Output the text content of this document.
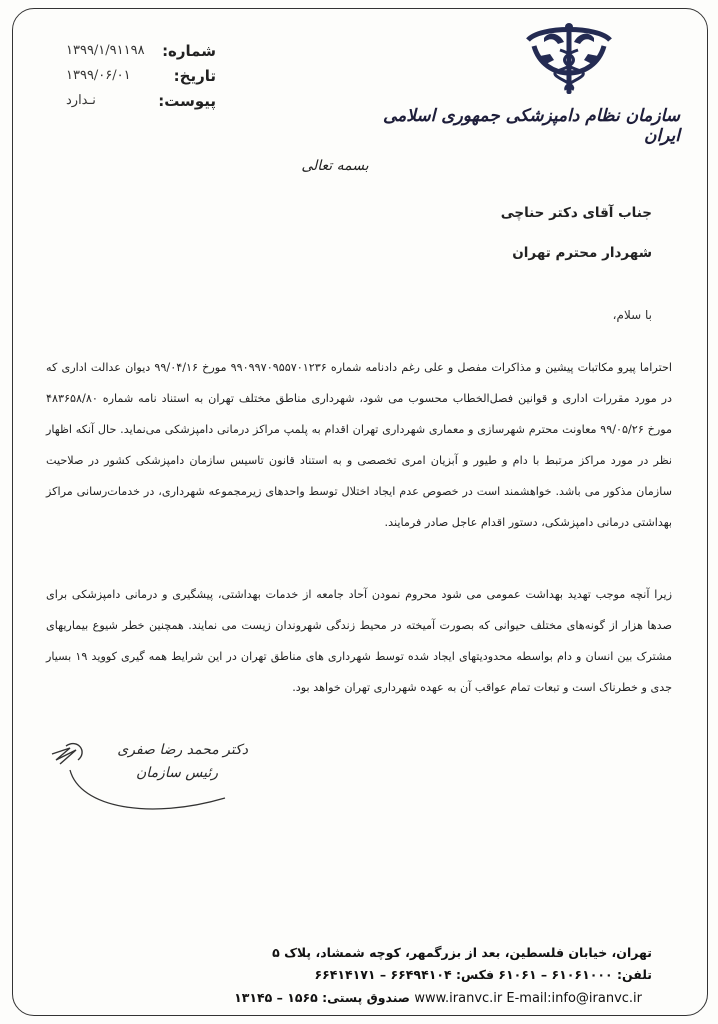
شماره:
۱۳۹۹/۱/۹۱۱۹۸
تاریخ:
۱۳۹۹/۰۶/۰۱
پیوست:
نـدارد
سازمان نظام دامپزشکی جمهوری اسلامی ایران
بسمه تعالی
جناب آقای دکتر حناچی
شهردار محترم تهران
با سلام،
احتراما پیرو مکاتبات پیشین و مذاکرات مفصل و علی رغم دادنامه شماره ۹۹۰۹۹۷۰۹۵۵۷۰۱۲۳۶ مورخ ۹۹/۰۴/۱۶ دیوان عدالت اداری که در مورد مقررات اداری و قوانین فصل‌الخطاب محسوب می شود، شهرداری مناطق مختلف تهران به استناد نامه شماره ۴۸۳۶۵۸/۸۰ مورخ ۹۹/۰۵/۲۶ معاونت محترم شهرسازی و معماری شهرداری تهران اقدام به پلمپ مراکز درمانی دامپزشکی می‌نماید. حال آنکه اظهار نظر در مورد مراکز مرتبط با دام و طیور و آبزیان امری تخصصی و به استناد قانون تاسیس سازمان دامپزشکی کشور در صلاحیت سازمان مذکور می باشد. خواهشمند است در خصوص عدم ایجاد اختلال توسط واحدهای زیرمجموعه شهرداری، در خدمات‌رسانی مراکز بهداشتی درمانی دامپزشکی، دستور اقدام عاجل صادر فرمایند.
زیرا آنچه موجب تهدید بهداشت عمومی می شود محروم نمودن آحاد جامعه از خدمات بهداشتی، پیشگیری و درمانی دامپزشکی برای صدها هزار از گونه‌های مختلف حیوانی که بصورت آمیخته در محیط زندگی شهروندان زیست می نمایند. همچنین خطر شیوع بیماریهای مشترک بین انسان و دام بواسطه محدودیتهای ایجاد شده توسط شهرداری های مناطق تهران در این شرایط همه گیری کووید ۱۹ بسیار جدی و خطرناک است و تبعات تمام عواقب آن به عهده شهرداری تهران خواهد بود.
دکتر محمد رضا صفری
رئیس سازمان
تهران، خیابان فلسطین، بعد از بزرگمهر، کوچه شمشاد، پلاک ۵
تلفن: ۶۱۰۶۱۰۰۰ – ۶۱۰۶۱ فکس: ۶۶۴۹۴۱۰۴ – ۶۶۴۱۴۱۷۱
صندوق پستی: ۱۵۶۵ – ۱۳۱۴۵ www.iranvc.ir E-mail:info@iranvc.ir
